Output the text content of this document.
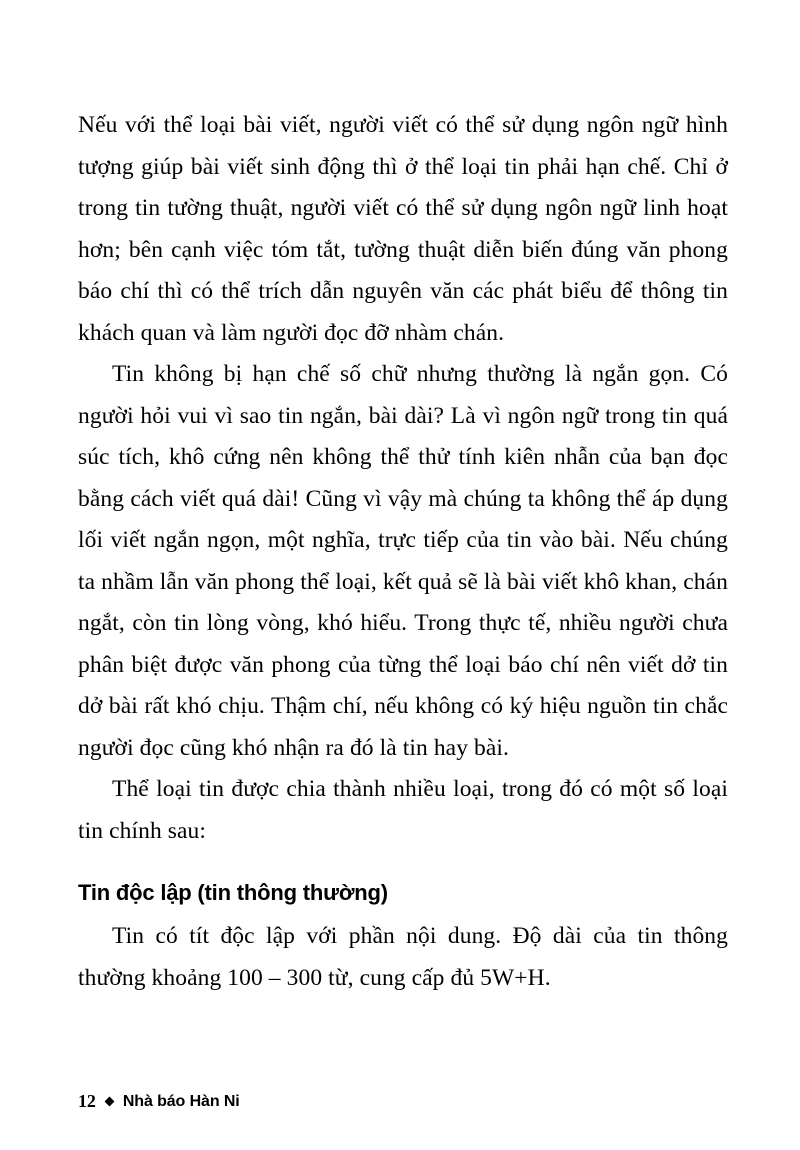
Nếu với thể loại bài viết, người viết có thể sử dụng ngôn ngữ hình tượng giúp bài viết sinh động thì ở thể loại tin phải hạn chế. Chỉ ở trong tin tường thuật, người viết có thể sử dụng ngôn ngữ linh hoạt hơn; bên cạnh việc tóm tắt, tường thuật diễn biến đúng văn phong báo chí thì có thể trích dẫn nguyên văn các phát biểu để thông tin khách quan và làm người đọc đỡ nhàm chán.

Tin không bị hạn chế số chữ nhưng thường là ngắn gọn. Có người hỏi vui vì sao tin ngắn, bài dài? Là vì ngôn ngữ trong tin quá súc tích, khô cứng nên không thể thử tính kiên nhẫn của bạn đọc bằng cách viết quá dài! Cũng vì vậy mà chúng ta không thể áp dụng lối viết ngắn ngọn, một nghĩa, trực tiếp của tin vào bài. Nếu chúng ta nhầm lẫn văn phong thể loại, kết quả sẽ là bài viết khô khan, chán ngắt, còn tin lòng vòng, khó hiểu. Trong thực tế, nhiều người chưa phân biệt được văn phong của từng thể loại báo chí nên viết dở tin dở bài rất khó chịu. Thậm chí, nếu không có ký hiệu nguồn tin chắc người đọc cũng khó nhận ra đó là tin hay bài.

Thể loại tin được chia thành nhiều loại, trong đó có một số loại tin chính sau:

Tin độc lập (tin thông thường)

Tin có tít độc lập với phần nội dung. Độ dài của tin thông thường khoảng 100 – 300 từ, cung cấp đủ 5W+H.

12 Nhà báo Hàn Ni
